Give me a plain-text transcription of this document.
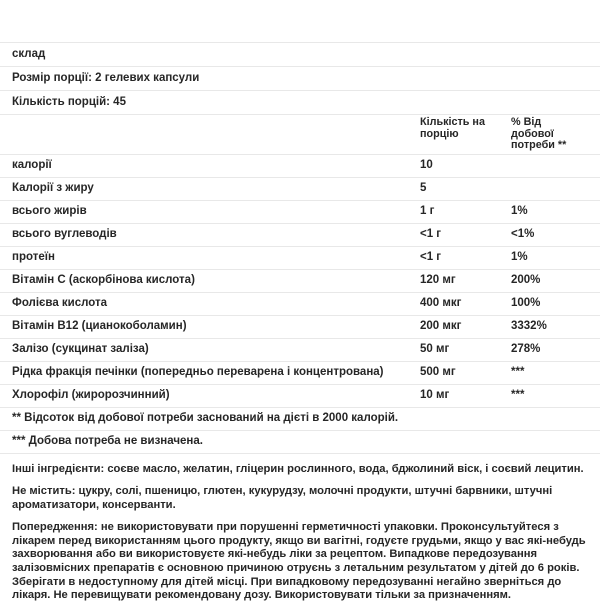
склад
Розмір порції: 2 гелевих капсули
Кількість порцій: 45
Кількість на порцію
% Від добової потреби **
калорії	10
Калорії з жиру	5
всього жирів	1 г	1%
всього вуглеводів	<1 г	<1%
протеїн	<1 г	1%
Вітамін C (аскорбінова кислота)	120 мг	200%
Фолієва кислота	400 мкг	100%
Вітамін B12 (цианокоболамин)	200 мкг	3332%
Залізо (сукцинат заліза)	50 мг	278%
Рідка фракція печінки (попередньо переварена і концентрована)	500 мг	***
Хлорофіл (жиророзчинний)	10 мг	***
** Відсоток від добової потреби заснований на дієті в 2000 калорій.
*** Добова потреба не визначена.

Інші інгредієнти: соєве масло, желатин, гліцерин рослинного, вода, бджолиний віск, і соєвий лецитин.

Не містить: цукру, солі, пшеницю, глютен, кукурудзу, молочні продукти, штучні барвники, штучні ароматизатори, консерванти.

Попередження: не використовувати при порушенні герметичності упаковки. Проконсультуйтеся з лікарем перед використанням цього продукту, якщо ви вагітні, годуєте грудьми, якщо у вас які-небудь захворювання або ви використовуєте які-небудь ліки за рецептом. Випадкове передозування залізовмісних препаратів є основною причиною отруєнь з летальним результатом у дітей до 6 років. Зберігати в недоступному для дітей місці. При випадковому передозуванні негайно зверніться до лікаря. Не перевищувати рекомендовану дозу. Використовувати тільки за призначенням.
